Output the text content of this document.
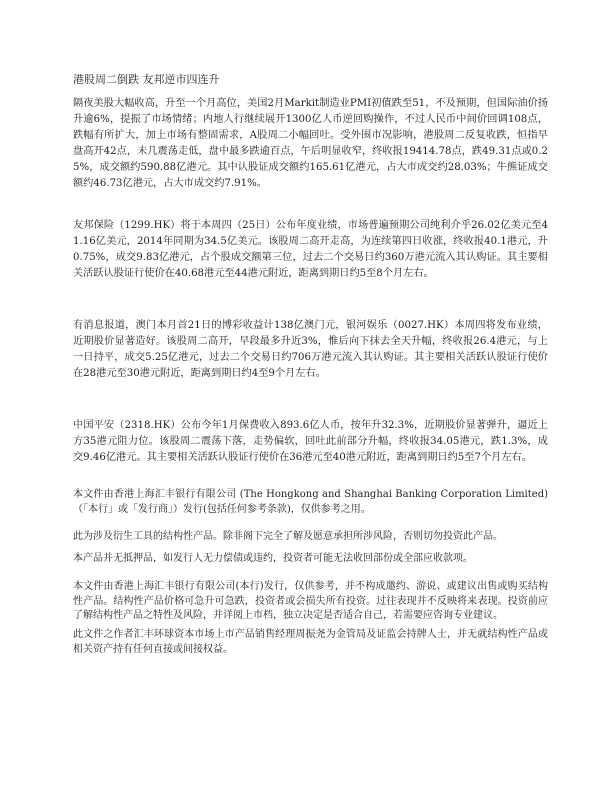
港股周二倒跌 友邦逆市四连升

隔夜美股大幅收高，升至一个月高位，美国2月Markit制造业PMI初值跌至51，不及预期，但国际油价扬升逾6%，提振了市场情绪；内地人行继续展开1300亿人币逆回购操作，不过人民币中间价回调108点，跌幅有所扩大，加上市场有整固需求，A股周二小幅回吐。受外围市况影响，港股周二反复收跌，恒指早盘高开42点，未几震荡走低，盘中最多跌逾百点，午后明显收窄，终收报19414.78点，跌49.31点或0.25%，成交额约590.88亿港元。其中认股证成交额约165.61亿港元，占大市成交约28.03%；牛熊证成交额约46.73亿港元，占大市成交约7.91%。

友邦保险（1299.HK）将于本周四（25日）公布年度业绩，市场普遍预期公司纯利介乎26.02亿美元至41.16亿美元，2014年同期为34.5亿美元。该股周二高开走高，为连续第四日收涨，终收报40.1港元，升0.75%，成交9.83亿港元，占个股成交额第三位，过去二个交易日约360万港元流入其认购证。其主要相关活跃认股证行使价在40.68港元至44港元附近，距离到期日约5至8个月左右。

有消息报道，澳门本月首21日的博彩收益计138亿澳门元，银河娱乐（0027.HK）本周四将发布业绩，近期股价显著造好。该股周二高开，早段最多升近3%，惟后向下抹去全天升幅，终收报26.4港元，与上一日持平，成交5.25亿港元，过去二个交易日约706万港元流入其认购证。其主要相关活跃认股证行使价在28港元至30港元附近，距离到期日约4至9个月左右。

中国平安（2318.HK）公布今年1月保费收入893.6亿人币，按年升32.3%，近期股价显著弹升，逼近上方35港元阻力位。该股周二震荡下落，走势偏软，回吐此前部分升幅，终收报34.05港元，跌1.3%，成交9.46亿港元。其主要相关活跃认股证行使价在36港元至40港元附近，距离到期日约5至7个月左右。

本文件由香港上海汇丰银行有限公司 (The Hongkong and Shanghai Banking Corporation Limited)（「本行」或「发行商」）发行(包括任何参考条款)，仅供参考之用。

此为涉及衍生工具的结构性产品。除非阁下完全了解及愿意承担所涉风险，否则切勿投资此产品。

本产品并无抵押品，如发行人无力偿债或违约，投资者可能无法收回部份或全部应收款项。

本文件由香港上海汇丰银行有限公司(本行)发行，仅供参考，并不构成邀约、游说、或建议出售或购买结构性产品。结构性产品价格可急升可急跌，投资者或会损失所有投资。过往表现并不反映将来表现。投资前应了解结构性产品之特性及风险，并详阅上市档，独立决定是否适合自己，若需要应咨询专业建议。

此文件之作者汇丰环球资本市场上市产品销售经理周振尧为金管局及证监会持牌人士，并无就结构性产品或相关资产持有任何直接或间接权益。
